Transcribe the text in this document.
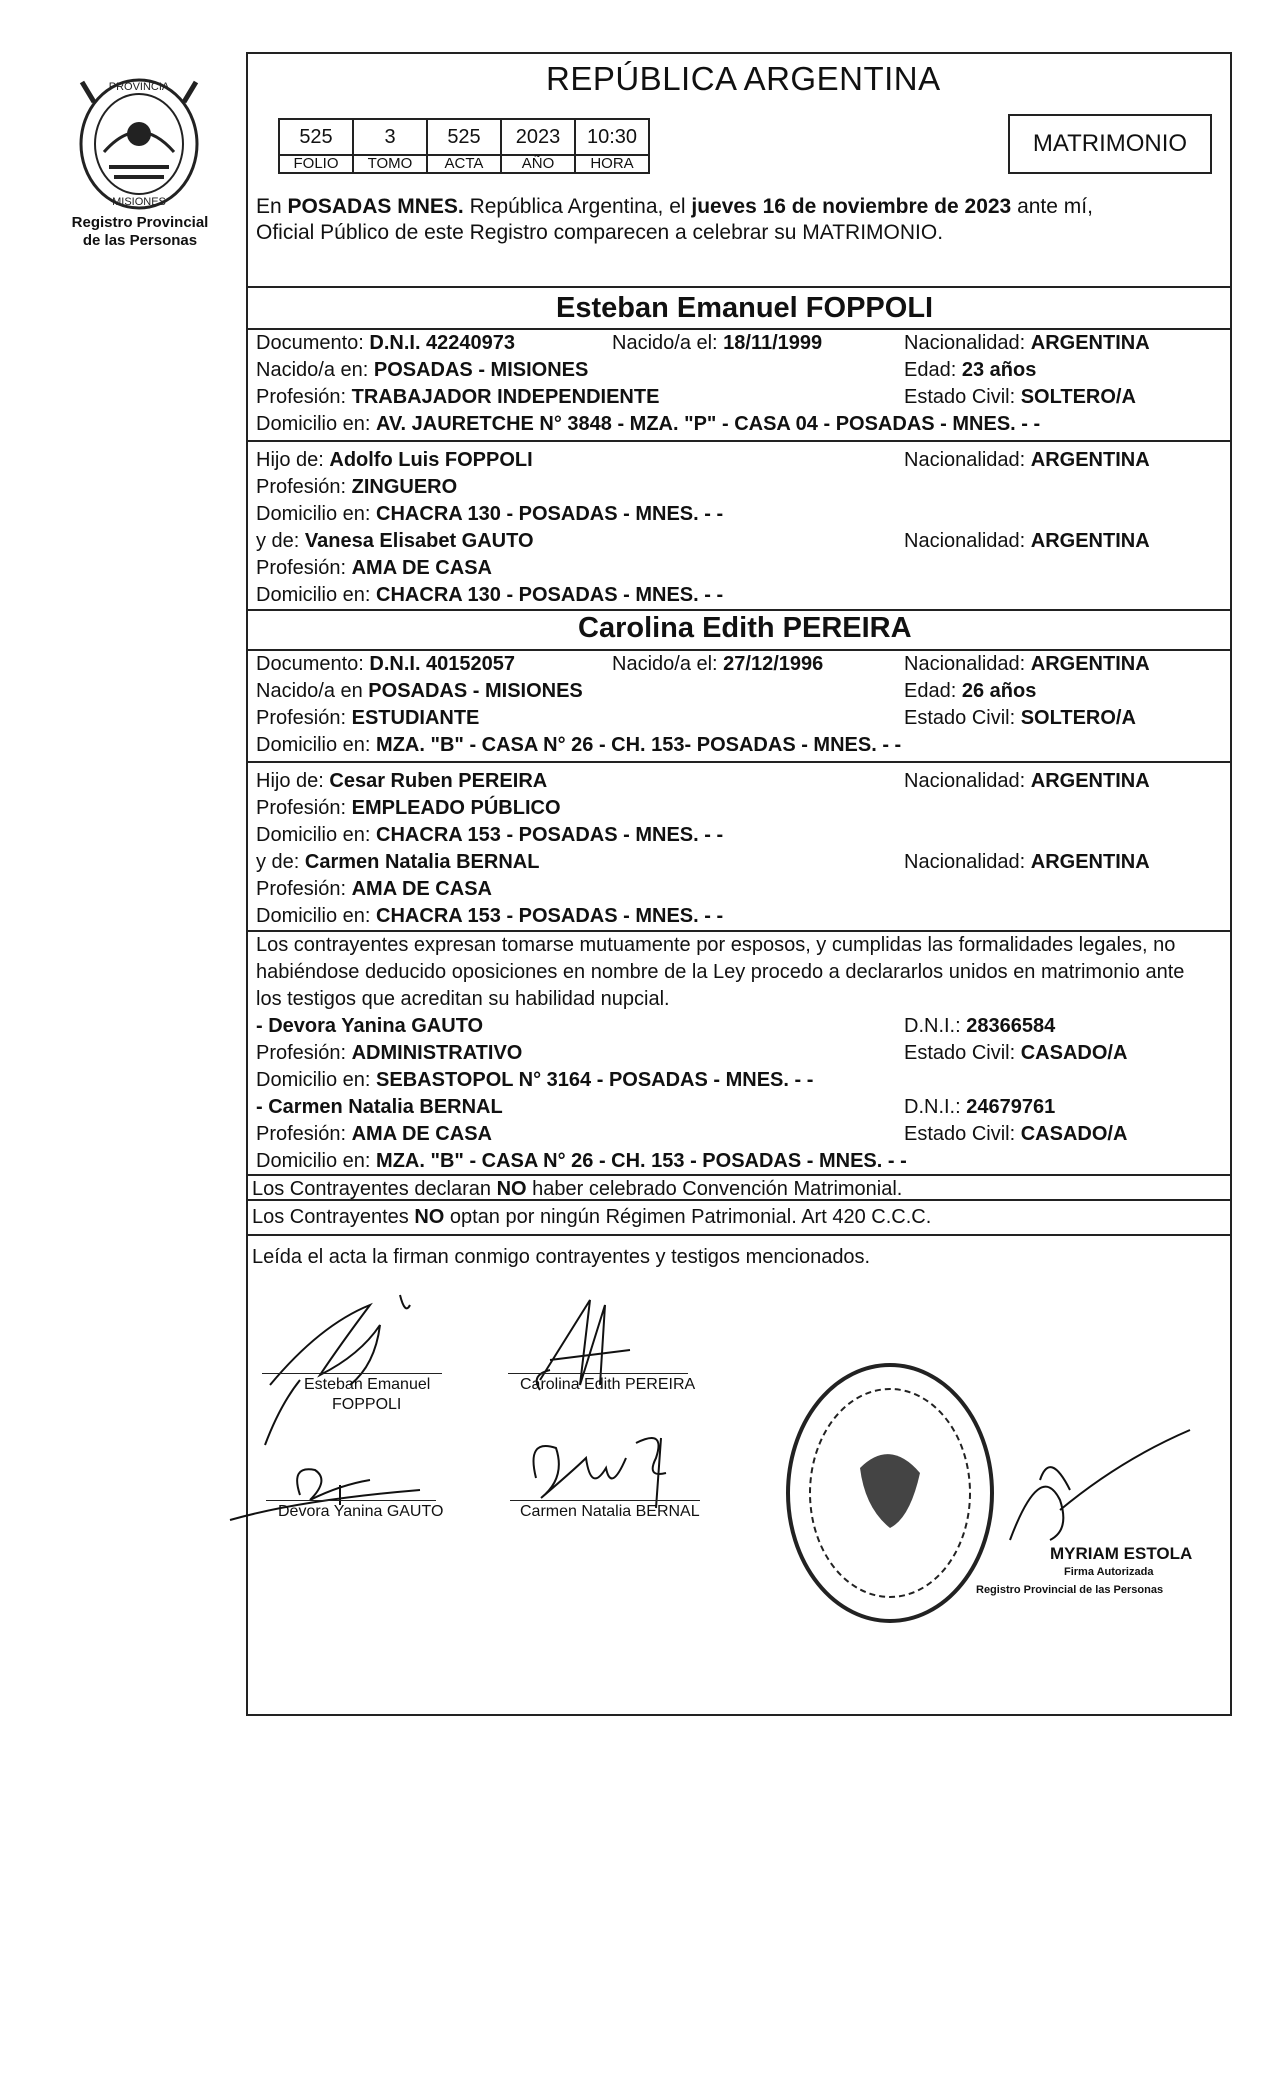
PROVINCIA
MISIONES
Registro Provincial
de las Personas
REPÚBLICA ARGENTINA
525	3	525	2023	10:30
FOLIO	TOMO	ACTA	AÑO	HORA
MATRIMONIO
En POSADAS MNES. República Argentina, el jueves 16 de noviembre de 2023 ante mí,
Oficial Público de este Registro comparecen a celebrar su MATRIMONIO.
Esteban Emanuel FOPPOLI
Documento: D.N.I. 42240973	Nacido/a el: 18/11/1999	Nacionalidad: ARGENTINA
Nacido/a en: POSADAS - MISIONES	Edad: 23 años
Profesión: TRABAJADOR INDEPENDIENTE	Estado Civil: SOLTERO/A
Domicilio en: AV. JAURETCHE N° 3848 - MZA. "P" - CASA 04 - POSADAS - MNES. - -
Hijo de: Adolfo Luis FOPPOLI	Nacionalidad: ARGENTINA
Profesión: ZINGUERO
Domicilio en: CHACRA 130 - POSADAS - MNES. - -
y de: Vanesa Elisabet GAUTO	Nacionalidad: ARGENTINA
Profesión: AMA DE CASA
Domicilio en: CHACRA 130 - POSADAS - MNES. - -
Carolina Edith PEREIRA
Documento: D.N.I. 40152057	Nacido/a el: 27/12/1996	Nacionalidad: ARGENTINA
Nacido/a en POSADAS - MISIONES	Edad: 26 años
Profesión: ESTUDIANTE	Estado Civil: SOLTERO/A
Domicilio en: MZA. "B" - CASA N° 26 - CH. 153- POSADAS - MNES. - -
Hijo de: Cesar Ruben PEREIRA	Nacionalidad: ARGENTINA
Profesión: EMPLEADO PÚBLICO
Domicilio en: CHACRA 153 - POSADAS - MNES. - -
y de: Carmen Natalia BERNAL	Nacionalidad: ARGENTINA
Profesión: AMA DE CASA
Domicilio en: CHACRA 153 - POSADAS - MNES. - -
Los contrayentes expresan tomarse mutuamente por esposos, y cumplidas las formalidades legales, no
habiéndose deducido oposiciones en nombre de la Ley procedo a declararlos unidos en matrimonio ante
los testigos que acreditan su habilidad nupcial.
- Devora Yanina GAUTO	D.N.I.: 28366584
Profesión: ADMINISTRATIVO	Estado Civil: CASADO/A
Domicilio en: SEBASTOPOL N° 3164 - POSADAS - MNES. - -
- Carmen Natalia BERNAL	D.N.I.: 24679761
Profesión: AMA DE CASA	Estado Civil: CASADO/A
Domicilio en: MZA. "B" - CASA N° 26 - CH. 153 - POSADAS - MNES. - -
Los Contrayentes declaran NO haber celebrado Convención Matrimonial.
Los Contrayentes NO optan por ningún Régimen Patrimonial. Art 420 C.C.C.
Leída el acta la firman conmigo contrayentes y testigos mencionados.
Esteban Emanuel
FOPPOLI
Carolina Edith PEREIRA
Devora Yanina GAUTO	Carmen Natalia BERNAL
MYRIAM ESTOLA
Firma Autorizada
Registro Provincial de las Personas
